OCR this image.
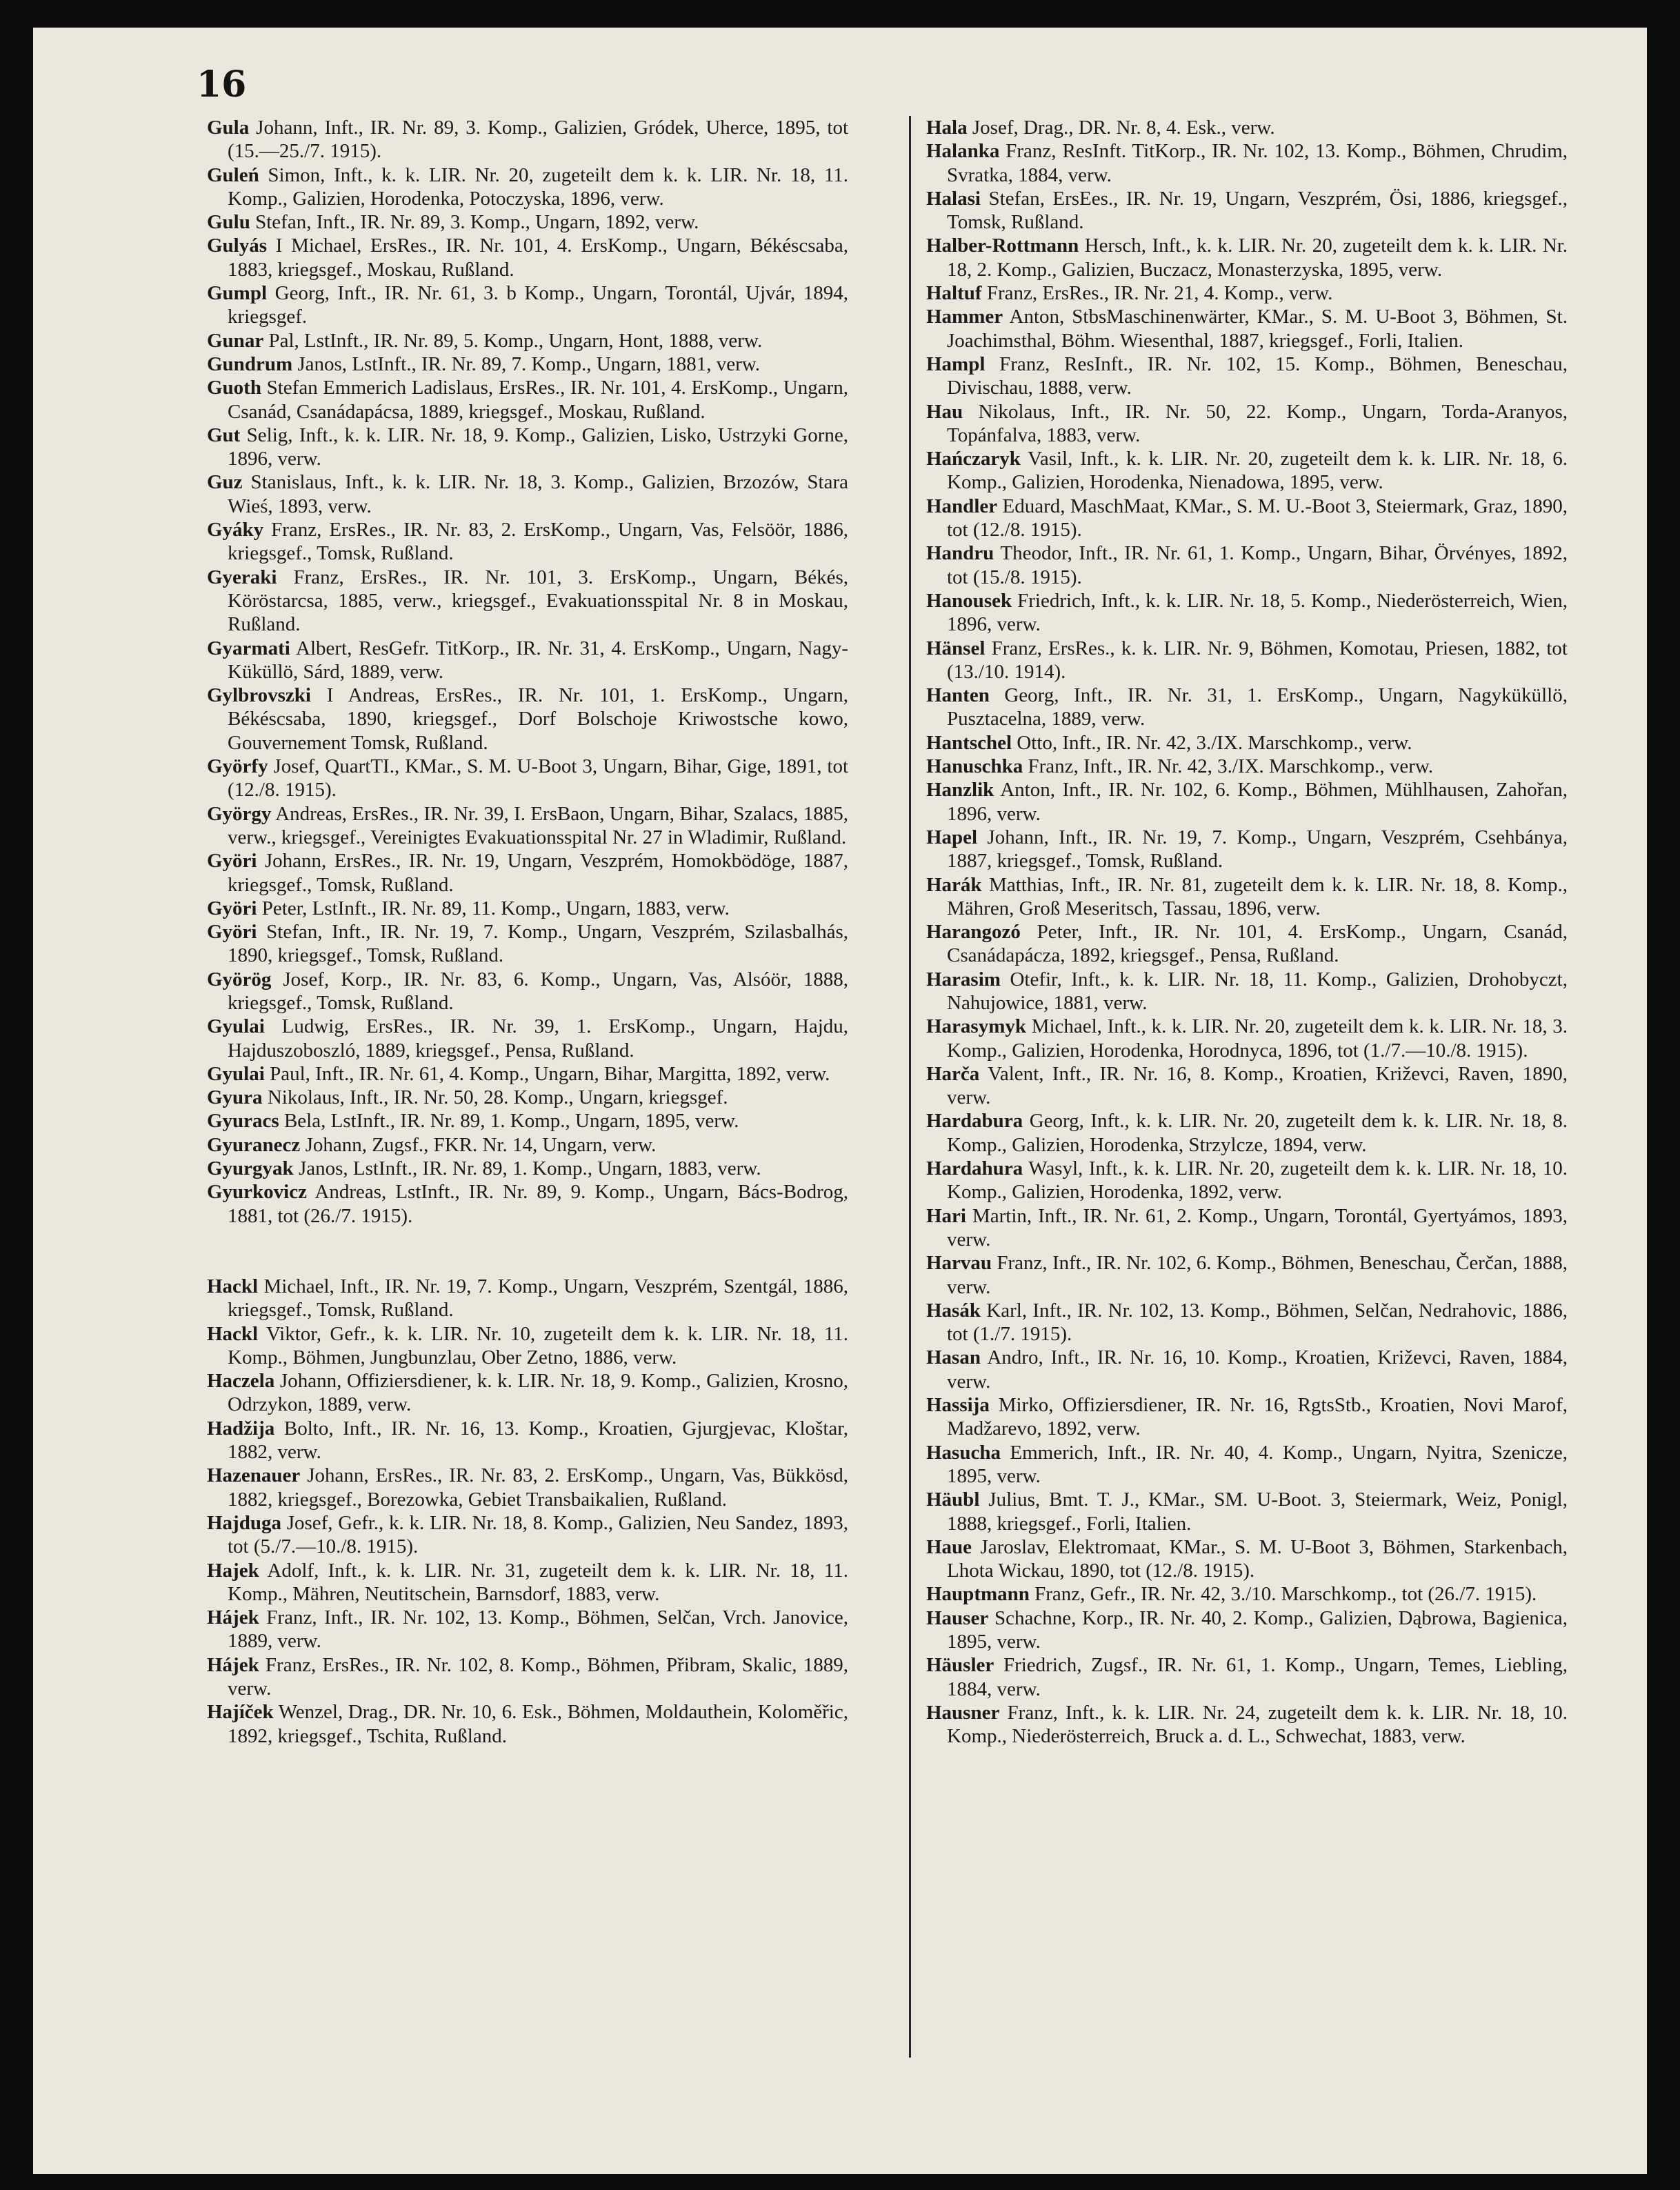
16

Gula Johann, Inft., IR. Nr. 89, 3. Komp., Galizien, Gródek, Uherce, 1895, tot (15.—25./7. 1915).

Guleń Simon, Inft., k. k. LIR. Nr. 20, zugeteilt dem k. k. LIR. Nr. 18, 11. Komp., Galizien, Horodenka, Potoczyska, 1896, verw.

Gulu Stefan, Inft., IR. Nr. 89, 3. Komp., Ungarn, 1892, verw.

Gulyás I Michael, ErsRes., IR. Nr. 101, 4. ErsKomp., Ungarn, Békéscsaba, 1883, kriegsgef., Moskau, Rußland.

Gumpl Georg, Inft., IR. Nr. 61, 3. b Komp., Ungarn, Torontál, Ujvár, 1894, kriegsgef.

Gunar Pal, LstInft., IR. Nr. 89, 5. Komp., Ungarn, Hont, 1888, verw.

Gundrum Janos, LstInft., IR. Nr. 89, 7. Komp., Ungarn, 1881, verw.

Guoth Stefan Emmerich Ladislaus, ErsRes., IR. Nr. 101, 4. ErsKomp., Ungarn, Csanád, Csanádapácsa, 1889, kriegsgef., Moskau, Rußland.

Gut Selig, Inft., k. k. LIR. Nr. 18, 9. Komp., Galizien, Lisko, Ustrzyki Gorne, 1896, verw.

Guz Stanislaus, Inft., k. k. LIR. Nr. 18, 3. Komp., Galizien, Brzozów, Stara Wieś, 1893, verw.

Gyáky Franz, ErsRes., IR. Nr. 83, 2. ErsKomp., Ungarn, Vas, Felsöör, 1886, kriegsgef., Tomsk, Rußland.

Gyeraki Franz, ErsRes., IR. Nr. 101, 3. ErsKomp., Ungarn, Békés, Köröstarcsa, 1885, verw., kriegsgef., Evakuationsspital Nr. 8 in Moskau, Rußland.

Gyarmati Albert, ResGefr. TitKorp., IR. Nr. 31, 4. ErsKomp., Ungarn, Nagy-Küküllö, Sárd, 1889, verw.

Gylbrovszki I Andreas, ErsRes., IR. Nr. 101, 1. ErsKomp., Ungarn, Békéscsaba, 1890, kriegsgef., Dorf Bolschoje Kriwostsche kowo, Gouvernement Tomsk, Rußland.

Györfy Josef, QuartTI., KMar., S. M. U-Boot 3, Ungarn, Bihar, Gige, 1891, tot (12./8. 1915).

György Andreas, ErsRes., IR. Nr. 39, I. ErsBaon, Ungarn, Bihar, Szalacs, 1885, verw., kriegsgef., Vereinigtes Evakuationsspital Nr. 27 in Wladimir, Rußland.

Györi Johann, ErsRes., IR. Nr. 19, Ungarn, Veszprém, Homokbödöge, 1887, kriegsgef., Tomsk, Rußland.

Györi Peter, LstInft., IR. Nr. 89, 11. Komp., Ungarn, 1883, verw.

Györi Stefan, Inft., IR. Nr. 19, 7. Komp., Ungarn, Veszprém, Szilasbalhás, 1890, kriegsgef., Tomsk, Rußland.

Györög Josef, Korp., IR. Nr. 83, 6. Komp., Ungarn, Vas, Alsóör, 1888, kriegsgef., Tomsk, Rußland.

Gyulai Ludwig, ErsRes., IR. Nr. 39, 1. ErsKomp., Ungarn, Hajdu, Hajduszoboszló, 1889, kriegsgef., Pensa, Rußland.

Gyulai Paul, Inft., IR. Nr. 61, 4. Komp., Ungarn, Bihar, Margitta, 1892, verw.

Gyura Nikolaus, Inft., IR. Nr. 50, 28. Komp., Ungarn, kriegsgef.

Gyuracs Bela, LstInft., IR. Nr. 89, 1. Komp., Ungarn, 1895, verw.

Gyuranecz Johann, Zugsf., FKR. Nr. 14, Ungarn, verw.

Gyurgyak Janos, LstInft., IR. Nr. 89, 1. Komp., Ungarn, 1883, verw.

Gyurkovicz Andreas, LstInft., IR. Nr. 89, 9. Komp., Ungarn, Bács-Bodrog, 1881, tot (26./7. 1915).

Hackl Michael, Inft., IR. Nr. 19, 7. Komp., Ungarn, Veszprém, Szentgál, 1886, kriegsgef., Tomsk, Rußland.

Hackl Viktor, Gefr., k. k. LIR. Nr. 10, zugeteilt dem k. k. LIR. Nr. 18, 11. Komp., Böhmen, Jungbunzlau, Ober Zetno, 1886, verw.

Haczela Johann, Offiziersdiener, k. k. LIR. Nr. 18, 9. Komp., Galizien, Krosno, Odrzykon, 1889, verw.

Hadžija Bolto, Inft., IR. Nr. 16, 13. Komp., Kroatien, Gjurgjevac, Kloštar, 1882, verw.

Hazenauer Johann, ErsRes., IR. Nr. 83, 2. ErsKomp., Ungarn, Vas, Bükkösd, 1882, kriegsgef., Borezowka, Gebiet Transbaikalien, Rußland.

Hajduga Josef, Gefr., k. k. LIR. Nr. 18, 8. Komp., Galizien, Neu Sandez, 1893, tot (5./7.—10./8. 1915).

Hajek Adolf, Inft., k. k. LIR. Nr. 31, zugeteilt dem k. k. LIR. Nr. 18, 11. Komp., Mähren, Neutitschein, Barnsdorf, 1883, verw.

Hájek Franz, Inft., IR. Nr. 102, 13. Komp., Böhmen, Selčan, Vrch. Janovice, 1889, verw.

Hájek Franz, ErsRes., IR. Nr. 102, 8. Komp., Böhmen, Přibram, Skalic, 1889, verw.

Hajíček Wenzel, Drag., DR. Nr. 10, 6. Esk., Böhmen, Moldauthein, Koloměřic, 1892, kriegsgef., Tschita, Rußland.

Hala Josef, Drag., DR. Nr. 8, 4. Esk., verw.

Halanka Franz, ResInft. TitKorp., IR. Nr. 102, 13. Komp., Böhmen, Chrudim, Svratka, 1884, verw.

Halasi Stefan, ErsEes., IR. Nr. 19, Ungarn, Veszprém, Ösi, 1886, kriegsgef., Tomsk, Rußland.

Halber-Rottmann Hersch, Inft., k. k. LIR. Nr. 20, zugeteilt dem k. k. LIR. Nr. 18, 2. Komp., Galizien, Buczacz, Monasterzyska, 1895, verw.

Haltuf Franz, ErsRes., IR. Nr. 21, 4. Komp., verw.

Hammer Anton, StbsMaschinenwärter, KMar., S. M. U-Boot 3, Böhmen, St. Joachimsthal, Böhm. Wiesenthal, 1887, kriegsgef., Forli, Italien.

Hampl Franz, ResInft., IR. Nr. 102, 15. Komp., Böhmen, Beneschau, Divischau, 1888, verw.

Hau Nikolaus, Inft., IR. Nr. 50, 22. Komp., Ungarn, Torda-Aranyos, Topánfalva, 1883, verw.

Hańczaryk Vasil, Inft., k. k. LIR. Nr. 20, zugeteilt dem k. k. LIR. Nr. 18, 6. Komp., Galizien, Horodenka, Nienadowa, 1895, verw.

Handler Eduard, MaschMaat, KMar., S. M. U.-Boot 3, Steiermark, Graz, 1890, tot (12./8. 1915).

Handru Theodor, Inft., IR. Nr. 61, 1. Komp., Ungarn, Bihar, Örvényes, 1892, tot (15./8. 1915).

Hanousek Friedrich, Inft., k. k. LIR. Nr. 18, 5. Komp., Niederösterreich, Wien, 1896, verw.

Hänsel Franz, ErsRes., k. k. LIR. Nr. 9, Böhmen, Komotau, Priesen, 1882, tot (13./10. 1914).

Hanten Georg, Inft., IR. Nr. 31, 1. ErsKomp., Ungarn, Nagyküküllö, Pusztacelna, 1889, verw.

Hantschel Otto, Inft., IR. Nr. 42, 3./IX. Marschkomp., verw.

Hanuschka Franz, Inft., IR. Nr. 42, 3./IX. Marschkomp., verw.

Hanzlik Anton, Inft., IR. Nr. 102, 6. Komp., Böhmen, Mühlhausen, Zahořan, 1896, verw.

Hapel Johann, Inft., IR. Nr. 19, 7. Komp., Ungarn, Veszprém, Csehbánya, 1887, kriegsgef., Tomsk, Rußland.

Harák Matthias, Inft., IR. Nr. 81, zugeteilt dem k. k. LIR. Nr. 18, 8. Komp., Mähren, Groß Meseritsch, Tassau, 1896, verw.

Harangozó Peter, Inft., IR. Nr. 101, 4. ErsKomp., Ungarn, Csanád, Csanádapácza, 1892, kriegsgef., Pensa, Rußland.

Harasim Otefir, Inft., k. k. LIR. Nr. 18, 11. Komp., Galizien, Drohobyczt, Nahujowice, 1881, verw.

Harasymyk Michael, Inft., k. k. LIR. Nr. 20, zugeteilt dem k. k. LIR. Nr. 18, 3. Komp., Galizien, Horodenka, Horodnyca, 1896, tot (1./7.—10./8. 1915).

Harča Valent, Inft., IR. Nr. 16, 8. Komp., Kroatien, Križevci, Raven, 1890, verw.

Hardabura Georg, Inft., k. k. LIR. Nr. 20, zugeteilt dem k. k. LIR. Nr. 18, 8. Komp., Galizien, Horodenka, Strzylcze, 1894, verw.

Hardahura Wasyl, Inft., k. k. LIR. Nr. 20, zugeteilt dem k. k. LIR. Nr. 18, 10. Komp., Galizien, Horodenka, 1892, verw.

Hari Martin, Inft., IR. Nr. 61, 2. Komp., Ungarn, Torontál, Gyertyámos, 1893, verw.

Harvau Franz, Inft., IR. Nr. 102, 6. Komp., Böhmen, Beneschau, Čerčan, 1888, verw.

Hasák Karl, Inft., IR. Nr. 102, 13. Komp., Böhmen, Selčan, Nedrahovic, 1886, tot (1./7. 1915).

Hasan Andro, Inft., IR. Nr. 16, 10. Komp., Kroatien, Križevci, Raven, 1884, verw.

Hassija Mirko, Offiziersdiener, IR. Nr. 16, RgtsStb., Kroatien, Novi Marof, Madžarevo, 1892, verw.

Hasucha Emmerich, Inft., IR. Nr. 40, 4. Komp., Ungarn, Nyitra, Szenicze, 1895, verw.

Häubl Julius, Bmt. T. J., KMar., SM. U-Boot. 3, Steiermark, Weiz, Ponigl, 1888, kriegsgef., Forli, Italien.

Haue Jaroslav, Elektromaat, KMar., S. M. U-Boot 3, Böhmen, Starkenbach, Lhota Wickau, 1890, tot (12./8. 1915).

Hauptmann Franz, Gefr., IR. Nr. 42, 3./10. Marschkomp., tot (26./7. 1915).

Hauser Schachne, Korp., IR. Nr. 40, 2. Komp., Galizien, Dąbrowa, Bagienica, 1895, verw.

Häusler Friedrich, Zugsf., IR. Nr. 61, 1. Komp., Ungarn, Temes, Liebling, 1884, verw.

Hausner Franz, Inft., k. k. LIR. Nr. 24, zugeteilt dem k. k. LIR. Nr. 18, 10. Komp., Niederösterreich, Bruck a. d. L., Schwechat, 1883, verw.
